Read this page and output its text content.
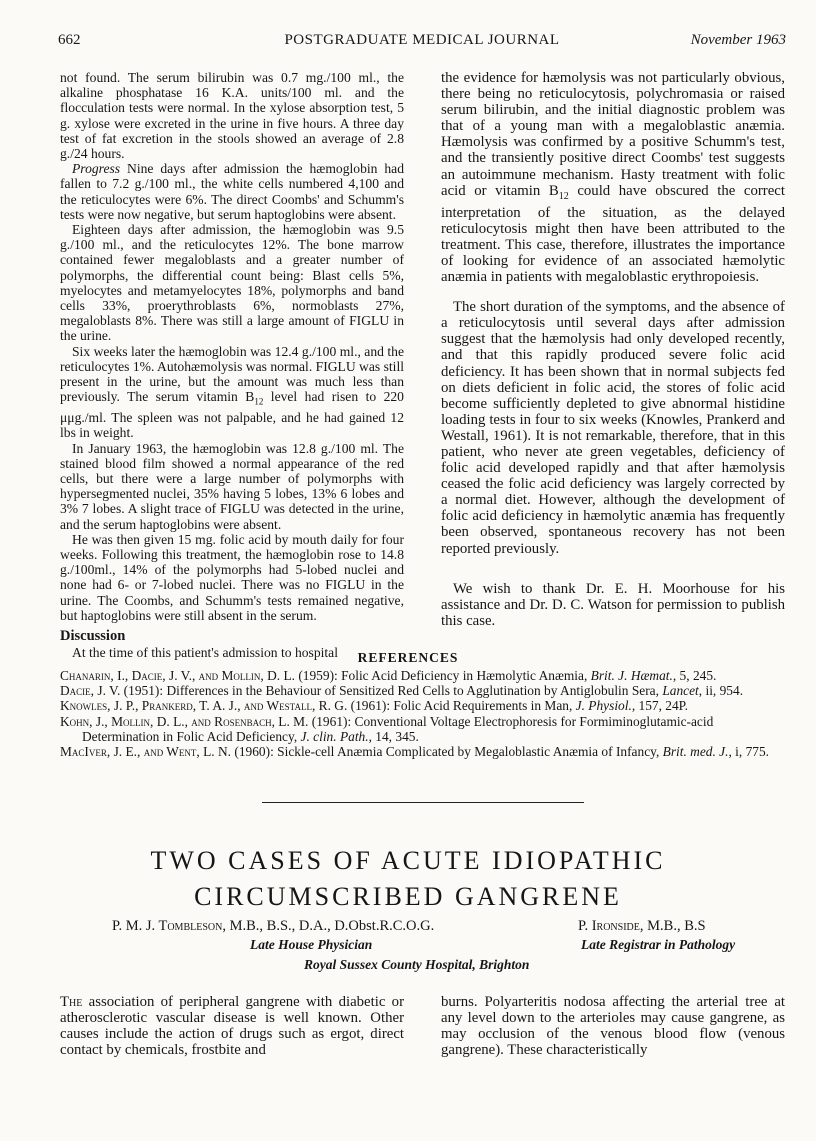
662	POSTGRADUATE MEDICAL JOURNAL	November 1963

not found. The serum bilirubin was 0.7 mg./100 ml., the alkaline phosphatase 16 K.A. units/100 ml. and the flocculation tests were normal. In the xylose absorption test, 5 g. xylose were excreted in the urine in five hours. A three day test of fat excretion in the stools showed an average of 2.8 g./24 hours.

Progress Nine days after admission the hæmoglobin had fallen to 7.2 g./100 ml., the white cells numbered 4,100 and the reticulocytes were 6%. The direct Coombs' and Schumm's tests were now negative, but serum haptoglobins were absent.

Eighteen days after admission, the hæmoglobin was 9.5 g./100 ml., and the reticulocytes 12%. The bone marrow contained fewer megaloblasts and a greater number of polymorphs, the differential count being: Blast cells 5%, myelocytes and metamyelocytes 18%, polymorphs and band cells 33%, proerythroblasts 6%, normoblasts 27%, megaloblasts 8%. There was still a large amount of FIGLU in the urine.

Six weeks later the hæmoglobin was 12.4 g./100 ml., and the reticulocytes 1%. Autohæmolysis was normal. FIGLU was still present in the urine, but the amount was much less than previously. The serum vitamin $B_{12}$ level had risen to 220 μμg./ml. The spleen was not palpable, and he had gained 12 lbs in weight.

In January 1963, the hæmoglobin was 12.8 g./100 ml. The stained blood film showed a normal appearance of the red cells, but there were a large number of polymorphs with hypersegmented nuclei, 35% having 5 lobes, 13% 6 lobes and 3% 7 lobes. A slight trace of FIGLU was detected in the urine, and the serum haptoglobins were absent.

He was then given 15 mg. folic acid by mouth daily for four weeks. Following this treatment, the hæmoglobin rose to 14.8 g./100ml., 14% of the polymorphs had 5-lobed nuclei and none had 6- or 7-lobed nuclei. There was no FIGLU in the urine. The Coombs, and Schumm's tests remained negative, but haptoglobins were still absent in the serum.

Discussion

At the time of this patient's admission to hospital

the evidence for hæmolysis was not particularly obvious, there being no reticulocytosis, polychromasia or raised serum bilirubin, and the initial diagnostic problem was that of a young man with a megaloblastic anæmia. Hæmolysis was confirmed by a positive Schumm's test, and the transiently positive direct Coombs' test suggests an autoimmune mechanism. Hasty treatment with folic acid or vitamin $B_{12}$ could have obscured the correct interpretation of the situation, as the delayed reticulocytosis might then have been attributed to the treatment. This case, therefore, illustrates the importance of looking for evidence of an associated hæmolytic anæmia in patients with megaloblastic erythropoiesis.

The short duration of the symptoms, and the absence of a reticulocytosis until several days after admission suggest that the hæmolysis had only developed recently, and that this rapidly produced severe folic acid deficiency. It has been shown that in normal subjects fed on diets deficient in folic acid, the stores of folic acid become sufficiently depleted to give abnormal histidine loading tests in four to six weeks (Knowles, Prankerd and Westall, 1961). It is not remarkable, therefore, that in this patient, who never ate green vegetables, deficiency of folic acid developed rapidly and that after hæmolysis ceased the folic acid deficiency was largely corrected by a normal diet. However, although the development of folic acid deficiency in hæmolytic anæmia has frequently been observed, spontaneous recovery has not been reported previously.

We wish to thank Dr. E. H. Moorhouse for his assistance and Dr. D. C. Watson for permission to publish this case.

REFERENCES

Chanarin, I., Dacie, J. V., and Mollin, D. L. (1959): Folic Acid Deficiency in Hæmolytic Anæmia, Brit. J. Hæmat., 5, 245.

Dacie, J. V. (1951): Differences in the Behaviour of Sensitized Red Cells to Agglutination by Antiglobulin Sera, Lancet, ii, 954.

Knowles, J. P., Prankerd, T. A. J., and Westall, R. G. (1961): Folic Acid Requirements in Man, J. Physiol., 157, 24P.

Kohn, J., Mollin, D. L., and Rosenbach, L. M. (1961): Conventional Voltage Electrophoresis for Formiminoglutamic-acid Determination in Folic Acid Deficiency, J. clin. Path., 14, 345.

MacIver, J. E., and Went, L. N. (1960): Sickle-cell Anæmia Complicated by Megaloblastic Anæmia of Infancy, Brit. med. J., i, 775.

TWO CASES OF ACUTE IDIOPATHIC
CIRCUMSCRIBED GANGRENE
P. M. J. Tombleson, M.B., B.S., D.A., D.Obst.R.C.O.G.
Late House Physician
P. Ironside, M.B., B.S
Late Registrar in Pathology
Royal Sussex County Hospital, Brighton

The association of peripheral gangrene with diabetic or atherosclerotic vascular disease is well known. Other causes include the action of drugs such as ergot, direct contact by chemicals, frostbite and

burns. Polyarteritis nodosa affecting the arterial tree at any level down to the arterioles may cause gangrene, as may occlusion of the venous blood flow (venous gangrene). These characteristically
